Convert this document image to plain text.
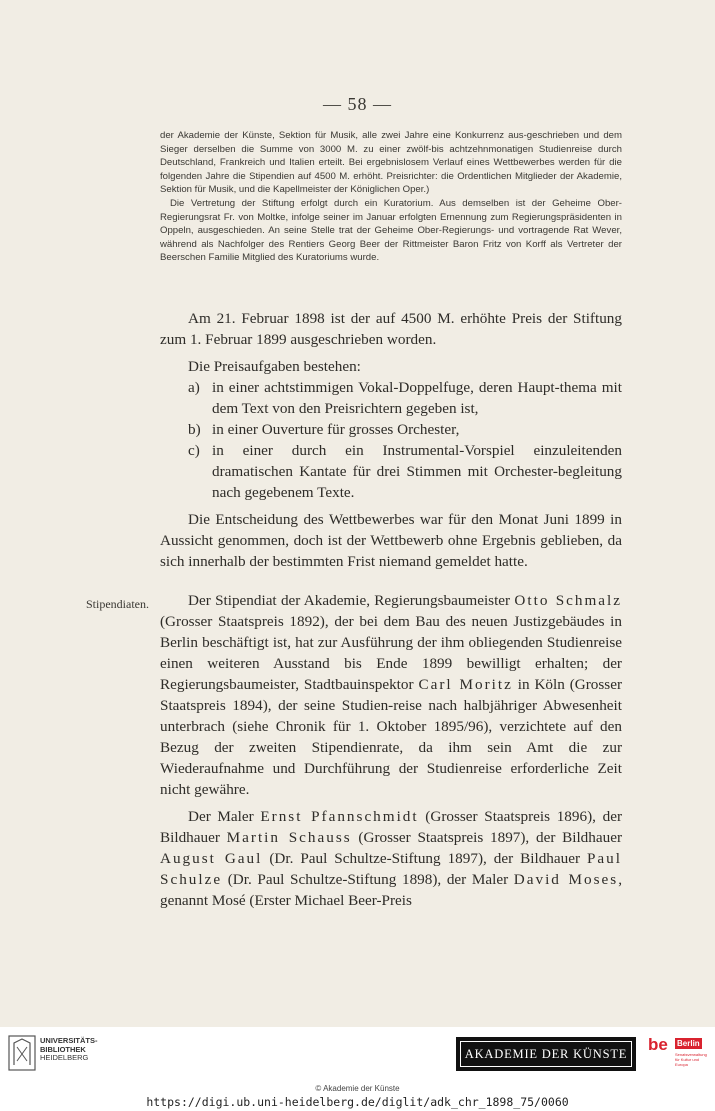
— 58 —

der Akademie der Künste, Sektion für Musik, alle zwei Jahre eine Konkurrenz aus-geschrieben und dem Sieger derselben die Summe von 3000 M. zu einer zwölf-bis achtzehnmonatigen Studienreise durch Deutschland, Frankreich und Italien erteilt. Bei ergebnislosem Verlauf eines Wettbewerbes werden für die folgenden Jahre die Stipendien auf 4500 M. erhöht. Preisrichter: die Ordentlichen Mitglieder der Akademie, Sektion für Musik, und die Kapellmeister der Königlichen Oper.)

Die Vertretung der Stiftung erfolgt durch ein Kuratorium. Aus demselben ist der Geheime Ober-Regierungsrat Fr. von Moltke, infolge seiner im Januar erfolgten Ernennung zum Regierungspräsidenten in Oppeln, ausgeschieden. An seine Stelle trat der Geheime Ober-Regierungs- und vortragende Rat Wever, während als Nachfolger des Rentiers Georg Beer der Rittmeister Baron Fritz von Korff als Vertreter der Beerschen Familie Mitglied des Kuratoriums wurde.

Am 21. Februar 1898 ist der auf 4500 M. erhöhte Preis der Stiftung zum 1. Februar 1899 ausgeschrieben worden.

Die Preisaufgaben bestehen:

a) in einer achtstimmigen Vokal-Doppelfuge, deren Haupt-thema mit dem Text von den Preisrichtern gegeben ist,
b) in einer Ouverture für grosses Orchester,
c) in einer durch ein Instrumental-Vorspiel einzuleitenden dramatischen Kantate für drei Stimmen mit Orchester-begleitung nach gegebenem Texte.

Die Entscheidung des Wettbewerbes war für den Monat Juni 1899 in Aussicht genommen, doch ist der Wettbewerb ohne Ergebnis geblieben, da sich innerhalb der bestimmten Frist niemand gemeldet hatte.

Der Stipendiat der Akademie, Regierungsbaumeister Otto Schmalz (Grosser Staatspreis 1892), der bei dem Bau des neuen Justizgebäudes in Berlin beschäftigt ist, hat zur Ausführung der ihm obliegenden Studienreise einen weiteren Ausstand bis Ende 1899 bewilligt erhalten; der Regierungsbaumeister, Stadtbauinspektor Carl Moritz in Köln (Grosser Staatspreis 1894), der seine Studien-reise nach halbjähriger Abwesenheit unterbrach (siehe Chronik für 1. Oktober 1895/96), verzichtete auf den Bezug der zweiten Stipendienrate, da ihm sein Amt die zur Wiederaufnahme und Durchführung der Studienreise erforderliche Zeit nicht gewähre.

Der Maler Ernst Pfannschmidt (Grosser Staatspreis 1896), der Bildhauer Martin Schauss (Grosser Staatspreis 1897), der Bildhauer August Gaul (Dr. Paul Schultze-Stiftung 1897), der Bildhauer Paul Schulze (Dr. Paul Schultze-Stiftung 1898), der Maler David Moses, genannt Mosé (Erster Michael Beer-Preis

Stipendiaten.
UNIVERSITÄTS-
BIBLIOTHEK
HEIDELBERG	AKADEMIE DER KÜNSTE be Berlin
Senatsverwaltung für Kultur und Europa
© Akademie der Künste
https://digi.ub.uni-heidelberg.de/diglit/adk_chr_1898_75/0060
